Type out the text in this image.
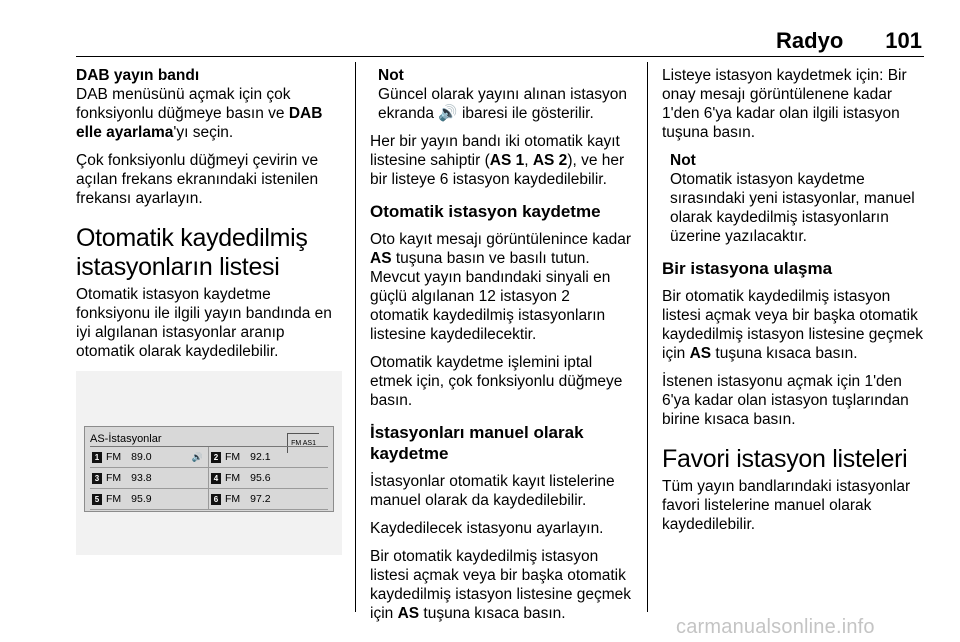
Radyo 101

DAB yayın bandı

DAB menüsünü açmak için çok fonksiyonlu düğmeye basın ve DAB elle ayarlama'yı seçin.

Çok fonksiyonlu düğmeyi çevirin ve açılan frekans ekranındaki istenilen frekansı ayarlayın.

Otomatik kaydedilmiş istasyonların listesi

Otomatik istasyon kaydetme fonksiyonu ile ilgili yayın bandında en iyi algılanan istasyonlar aranıp otomatik olarak kaydedilebilir.

AS-İstasyonlar	FM AS1
1 FM 89.0	🔊	2 FM 92.1
3 FM 93.8	4 FM 95.6
5 FM 95.9	6 FM 97.2
Not
Güncel olarak yayını alınan istasyon ekranda 🔊 ibaresi ile gösterilir.

Her bir yayın bandı iki otomatik kayıt listesine sahiptir (AS 1, AS 2), ve her bir listeye 6 istasyon kaydedilebilir.

Otomatik istasyon kaydetme

Oto kayıt mesajı görüntülenince kadar AS tuşuna basın ve basılı tutun. Mevcut yayın bandındaki sinyali en güçlü algılanan 12 istasyon 2 otomatik kaydedilmiş istasyonların listesine kaydedilecektir.

Otomatik kaydetme işlemini iptal etmek için, çok fonksiyonlu düğmeye basın.

İstasyonları manuel olarak kaydetme

İstasyonlar otomatik kayıt listelerine manuel olarak da kaydedilebilir.

Kaydedilecek istasyonu ayarlayın.

Bir otomatik kaydedilmiş istasyon listesi açmak veya bir başka otomatik kaydedilmiş istasyon listesine geçmek için AS tuşuna kısaca basın.

Listeye istasyon kaydetmek için: Bir onay mesajı görüntülenene kadar 1'den 6'ya kadar olan ilgili istasyon tuşuna basın.

Not
Otomatik istasyon kaydetme sırasındaki yeni istasyonlar, manuel olarak kaydedilmiş istasyonların üzerine yazılacaktır.
Bir istasyona ulaşma

Bir otomatik kaydedilmiş istasyon listesi açmak veya bir başka otomatik kaydedilmiş istasyon listesine geçmek için AS tuşuna kısaca basın.

İstenen istasyonu açmak için 1'den 6'ya kadar olan istasyon tuşlarından birine kısaca basın.

Favori istasyon listeleri

Tüm yayın bandlarındaki istasyonlar favori listelerine manuel olarak kaydedilebilir.

carmanualsonline.info
